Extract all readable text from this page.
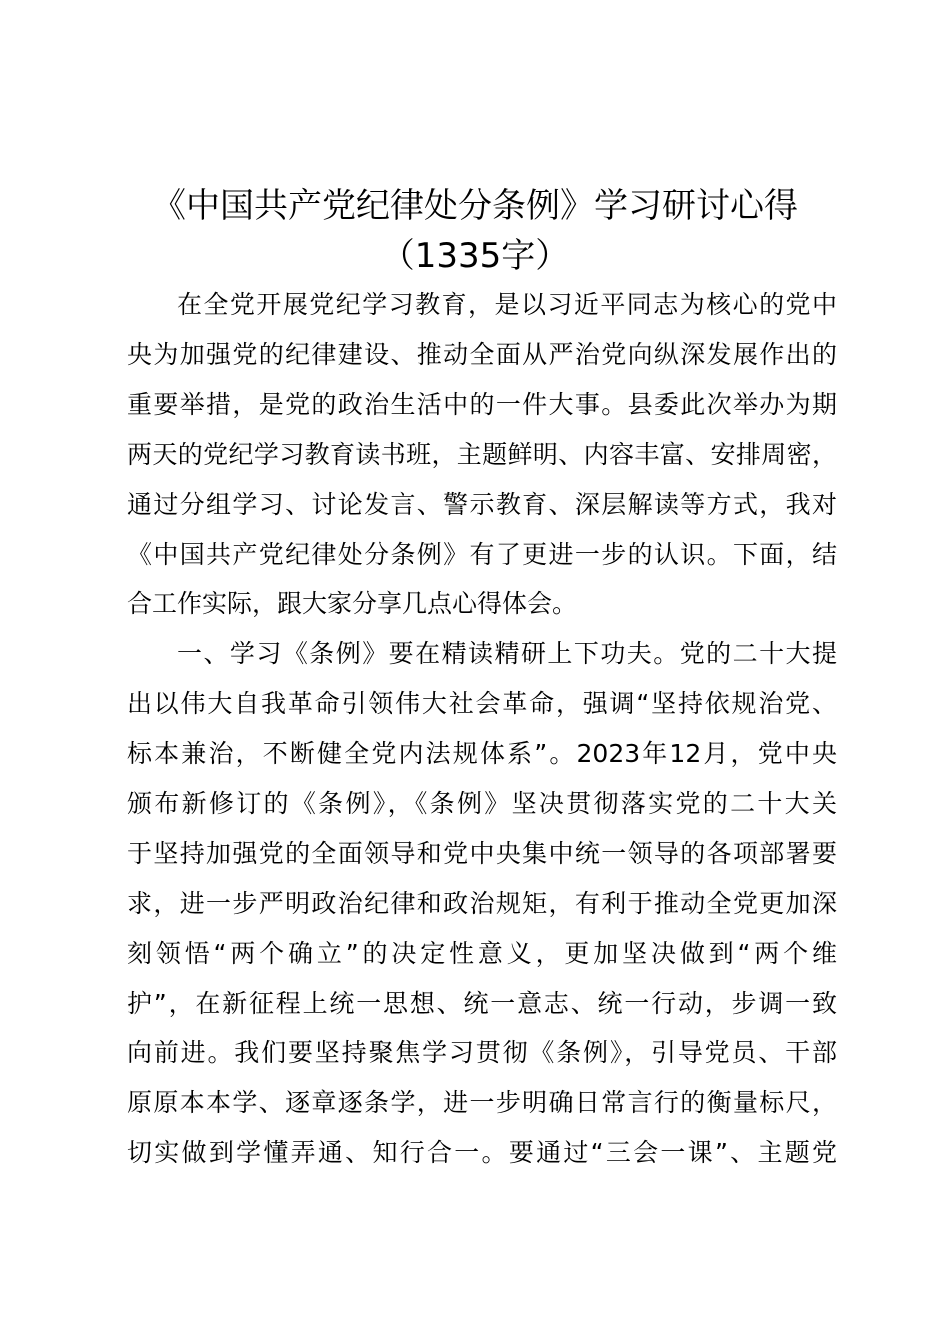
《中国共产党纪律处分条例》学习研讨心得
（1335字）

在全党开展党纪学习教育，是以习近平同志为核心的党中

央为加强党的纪律建设、推动全面从严治党向纵深发展作出的

重要举措，是党的政治生活中的一件大事。县委此次举办为期

两天的党纪学习教育读书班，主题鲜明、内容丰富、安排周密，

通过分组学习、讨论发言、警示教育、深层解读等方式，我对

《中国共产党纪律处分条例》有了更进一步的认识。下面，结

合工作实际，跟大家分享几点心得体会。

一、学习《条例》要在精读精研上下功夫。党的二十大提

出以伟大自我革命引领伟大社会革命，强调“坚持依规治党、

标本兼治，不断健全党内法规体系”。2023年12月，党中央

颁布新修订的《条例》，《条例》坚决贯彻落实党的二十大关

于坚持加强党的全面领导和党中央集中统一领导的各项部署要

求，进一步严明政治纪律和政治规矩，有利于推动全党更加深

刻领悟“两个确立”的决定性意义，更加坚决做到“两个维

护”，在新征程上统一思想、统一意志、统一行动，步调一致

向前进。我们要坚持聚焦学习贯彻《条例》，引导党员、干部

原原本本学、逐章逐条学，进一步明确日常言行的衡量标尺，

切实做到学懂弄通、知行合一。要通过“三会一课”、主题党
